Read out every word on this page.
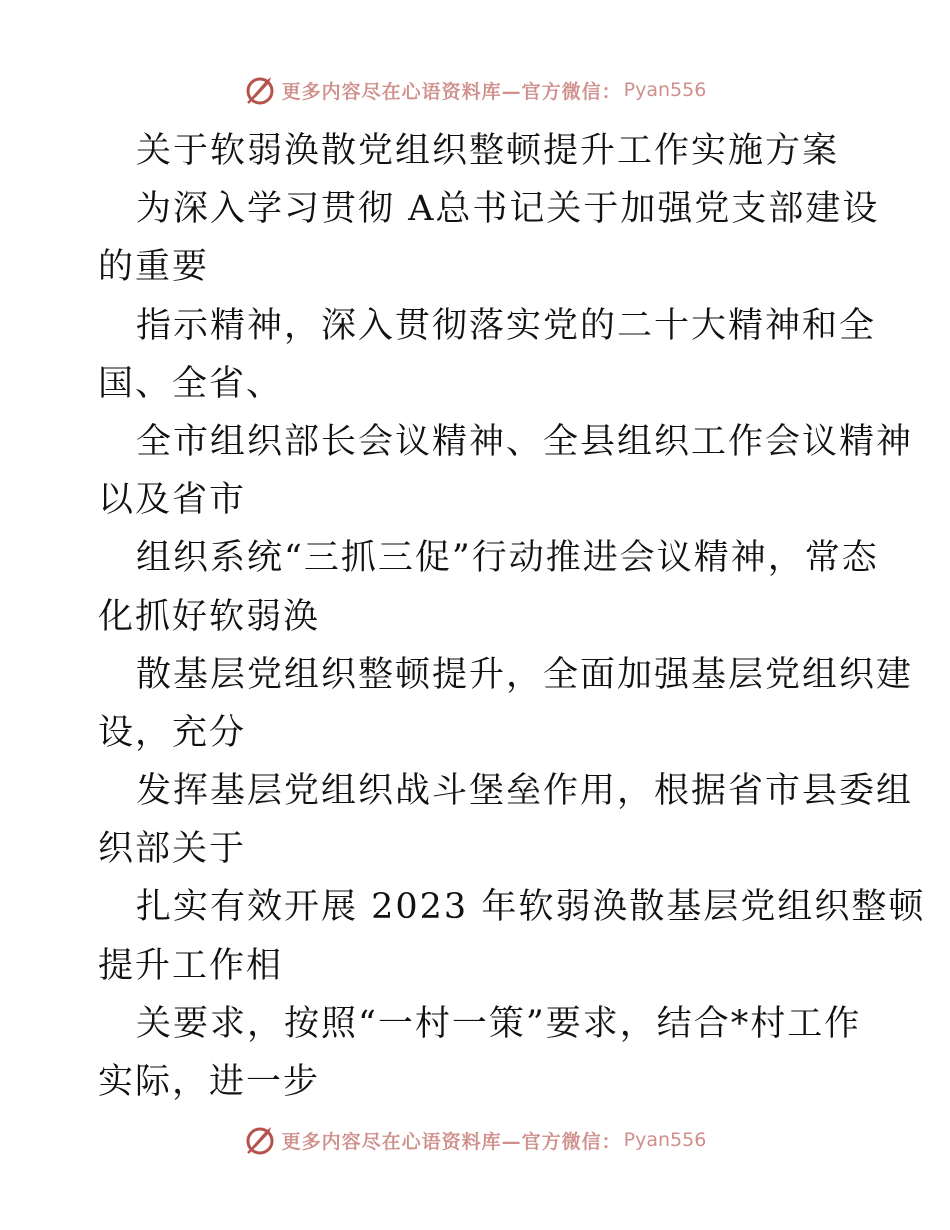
更多内容尽在心语资料库—官方微信： Pyan556
关于软弱涣散党组织整顿提升工作实施方案
为深入学习贯彻 A总书记关于加强党支部建设
的重要
指示精神，深入贯彻落实党的二十大精神和全
国、全省、
全市组织部长会议精神、全县组织工作会议精神
以及省市
组织系统“三抓三促”行动推进会议精神，常态
化抓好软弱涣
散基层党组织整顿提升，全面加强基层党组织建
设，充分
发挥基层党组织战斗堡垒作用，根据省市县委组
织部关于
扎实有效开展 2023 年软弱涣散基层党组织整顿
提升工作相
关要求，按照“一村一策”要求，结合*村工作
实际，进一步
更多内容尽在心语资料库—官方微信： Pyan556
